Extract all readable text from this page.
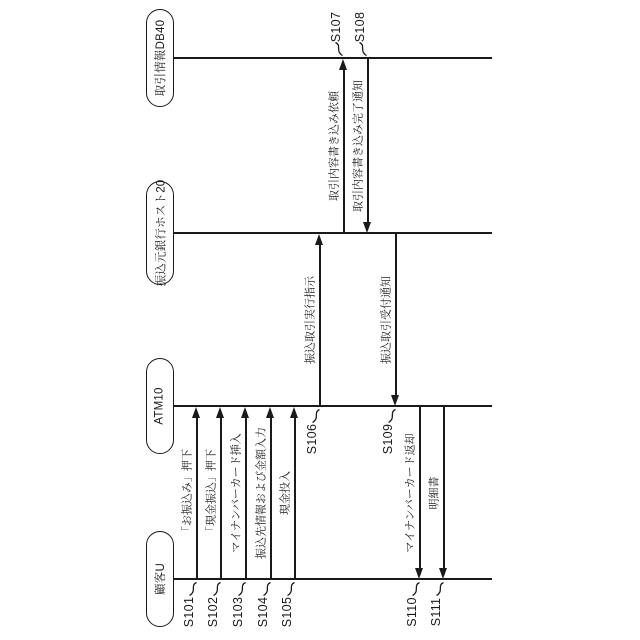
取引情報DB40
振込元銀行ホスト20
ATM10
顧客U
「お振込み」押下
S101
「現金振込」押下
S102
マイナンバーカード挿入
S103
振込先情報および金額入力
S104
現金投入
S105
振込取引実行指示
S106
取引内容書き込み依頼
S107
取引内容書き込み完了通知
S108
振込取引受付通知
S109 マイナンバーカード返却
S110
明細書
S111
